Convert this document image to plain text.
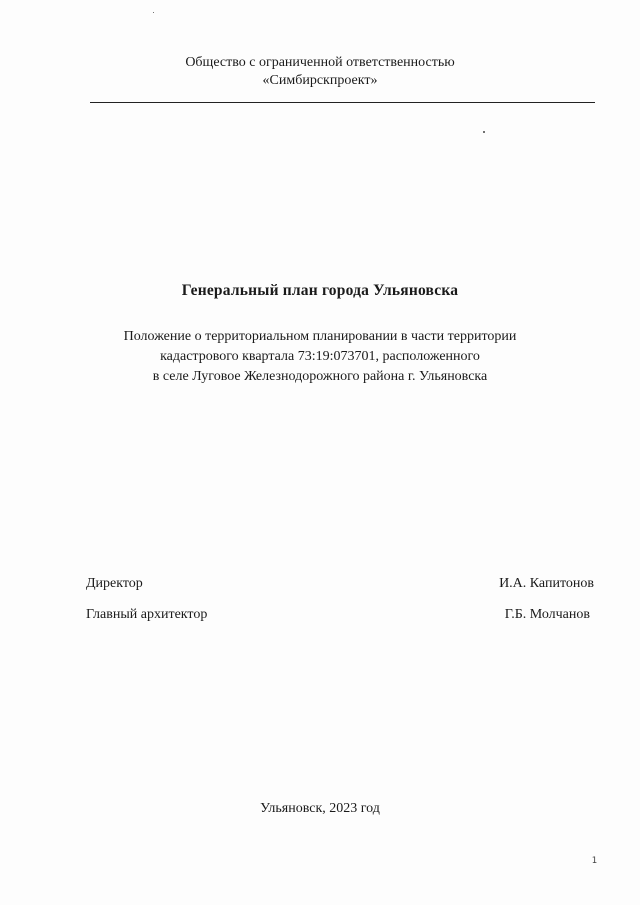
Общество с ограниченной ответственностью
«Симбирскпроект»
Генеральный план города Ульяновска
Положение о территориальном планировании в части территории
кадастрового квартала 73:19:073701, расположенного
в селе Луговое Железнодорожного района г. Ульяновска
Директор	И.А. Капитонов
Главный архитектор	Г.Б. Молчанов
Ульяновск, 2023 год
1
